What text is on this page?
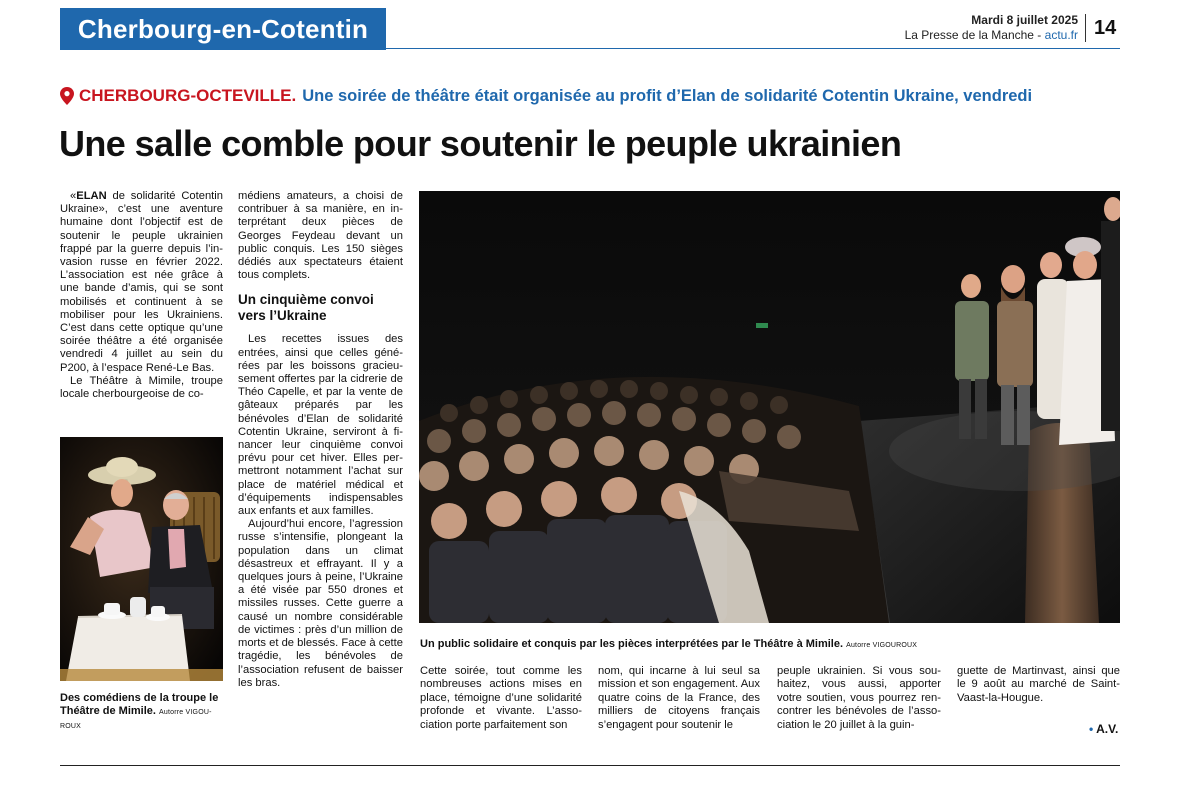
Cherbourg-en-Cotentin	Mardi 8 juillet 2025
La Presse de la Manche - actu.fr 14
CHERBOURG-OCTEVILLE. Une soirée de théâtre était organisée au profit d’Elan de solidarité Cotentin Ukraine, vendredi
Une salle comble pour soutenir le peuple ukrainien

«ELAN de solidarité Cotentin Ukraine», c’est une aventure humaine dont l’objectif est de soutenir le peuple ukrainien frappé par la guerre depuis l’invasion russe en février 2022. L’association est née grâce à une bande d’amis, qui se sont mobilisés et continuent à se mobiliser pour les Ukrainiens. C’est dans cette optique qu’une soirée théâtre a été organisée vendredi 4 juillet au sein du P200, à l’espace René-Le Bas.

Le Théâtre à Mimile, troupe locale cherbourgeoise de co-

Des comédiens de la troupe le Théâtre de Mimile. Autorre VIGOUROUX

médiens amateurs, a choisi de contribuer à sa manière, en interprétant deux pièces de Georges Feydeau devant un public conquis. Les 150 sièges dédiés aux spectateurs étaient tous complets.

Un cinquième convoi vers l’Ukraine

Les recettes issues des entrées, ainsi que celles générées par les boissons gracieusement offertes par la cidrerie de Théo Capelle, et par la vente de gâteaux préparés par les bénévoles d’Elan de solidarité Cotentin Ukraine, serviront à financer leur cinquième convoi prévu pour cet hiver. Elles permettront notamment l’achat sur place de matériel médical et d’équipements indispensables aux enfants et aux familles.

Aujourd’hui encore, l’agression russe s’intensifie, plongeant la population dans un climat désastreux et effrayant. Il y a quelques jours à peine, l’Ukraine a été visée par 550 drones et missiles russes. Cette guerre a causé un nombre considérable de victimes : près d’un million de morts et de blessés. Face à cette tragédie, les bénévoles de l’association refusent de baisser les bras.

Un public solidaire et conquis par les pièces interprétées par le Théâtre à Mimile. Autorre VIGOUROUX

Cette soirée, tout comme les nombreuses actions mises en place, témoigne d’une solidarité profonde et vivante. L’association porte parfaitement son

nom, qui incarne à lui seul sa mission et son engagement. Aux quatre coins de la France, des milliers de citoyens français s’engagent pour soutenir le

peuple ukrainien. Si vous souhaitez, vous aussi, apporter votre soutien, vous pourrez rencontrer les bénévoles de l’association le 20 juillet à la guin-

guette de Martinvast, ainsi que le 9 août au marché de Saint-Vaast-la-Hougue.

• A.V.
